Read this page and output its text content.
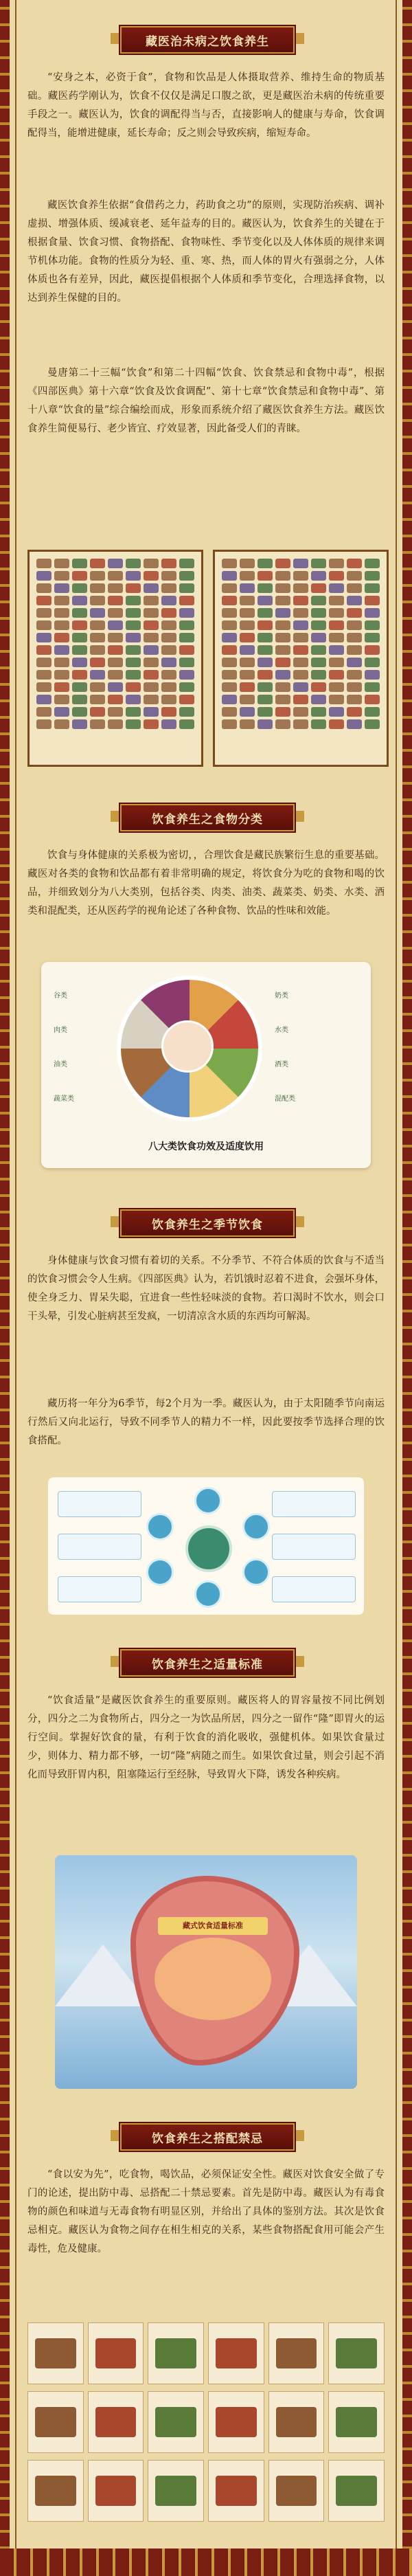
藏医治未病之饮食养生

“安身之本，必资于食”，食物和饮品是人体摄取营养、维持生命的物质基础。藏医药学刚认为，饮食不仅仅是满足口腹之欲，更是藏医治未病的传统重要手段之一。藏医认为，饮食的调配得当与否，直接影响人的健康与寿命，饮食调配得当，能增进健康，延长寿命；反之则会导致疾病，缩短寿命。

藏医饮食养生依据“食借药之力，药助食之功”的原则，实现防治疾病、调补虚损、增强体质、缓减衰老、延年益寿的目的。藏医认为，饮食养生的关键在于根据食量、饮食习惯、食物搭配、食物味性、季节变化以及人体体质的规律来调节机体功能。食物的性质分为轻、重、寒、热，而人体的胃火有强弱之分，人体体质也各有差异，因此，藏医提倡根据个人体质和季节变化，合理选择食物，以达到养生保健的目的。

曼唐第二十三幅“饮食”和第二十四幅“饮食、饮食禁忌和食物中毒”，根据《四部医典》第十六章“饮食及饮食调配”、第十七章“饮食禁忌和食物中毒”、第十八章“饮食的量”综合编绘而成，形象而系统介绍了藏医饮食养生方法。藏医饮食养生简便易行、老少皆宜、疗效显著，因此备受人们的青睐。

饮食养生之食物分类

饮食与身体健康的关系极为密切，，合理饮食是藏民族繁衍生息的重要基础。藏医对各类的食物和饮品都有着非常明确的规定，将饮食分为吃的食物和喝的饮品，并细致划分为八大类别，包括谷类、肉类、油类、蔬菜类、奶类、水类、酒类和混配类，还从医药学的视角论述了各种食物、饮品的性味和效能。

谷类
肉类
油类
蔬菜类
奶类
水类
酒类
混配类
八大类饮食功效及适度饮用
饮食养生之季节饮食

身体健康与饮食习惯有着切的关系。不分季节、不符合体质的饮食与不适当的饮食习惯会令人生病。《四部医典》认为，若饥饿时忍着不进食，会强坏身体，使全身乏力、胃呆失聪，宜进食一些性轻味淡的食物。若口渴时不饮水，则会口干头晕，引发心脏病甚至发疯，一切清凉含水质的东西均可解渴。

藏历将一年分为6季节，每2个月为一季。藏医认为，由于太阳随季节向南运行然后又向北运行，导致不同季节人的精力不一样，因此要按季节选择合理的饮食搭配。

饮食养生之适量标准

“饮食适量”是藏医饮食养生的重要原则。藏医将人的胃容量按不同比例划分，四分之二为食物所占，四分之一为饮品所居，四分之一留作“隆”即胃火的运行空间。掌握好饮食的量，有利于饮食的消化吸收，强健机体。如果饮食量过少，则体力、精力都不够，一切“隆”病随之而生。如果饮食过量，则会引起不消化而导致肝胃内积，阻塞隆运行至经脉，导致胃火下降，诱发各种疾病。

藏式饮食适量标准
饮食养生之搭配禁忌

“食以安为先”，吃食物，喝饮品，必须保证安全性。藏医对饮食安全做了专门的论述，提出防中毒、忌搭配二十禁忌要素。首先是防中毒。藏医认为有毒食物的颜色和味道与无毒食物有明显区别，并给出了具体的鉴别方法。其次是饮食忌相克。藏医认为食物之间存在相生相克的关系，某些食物搭配食用可能会产生毒性，危及健康。
